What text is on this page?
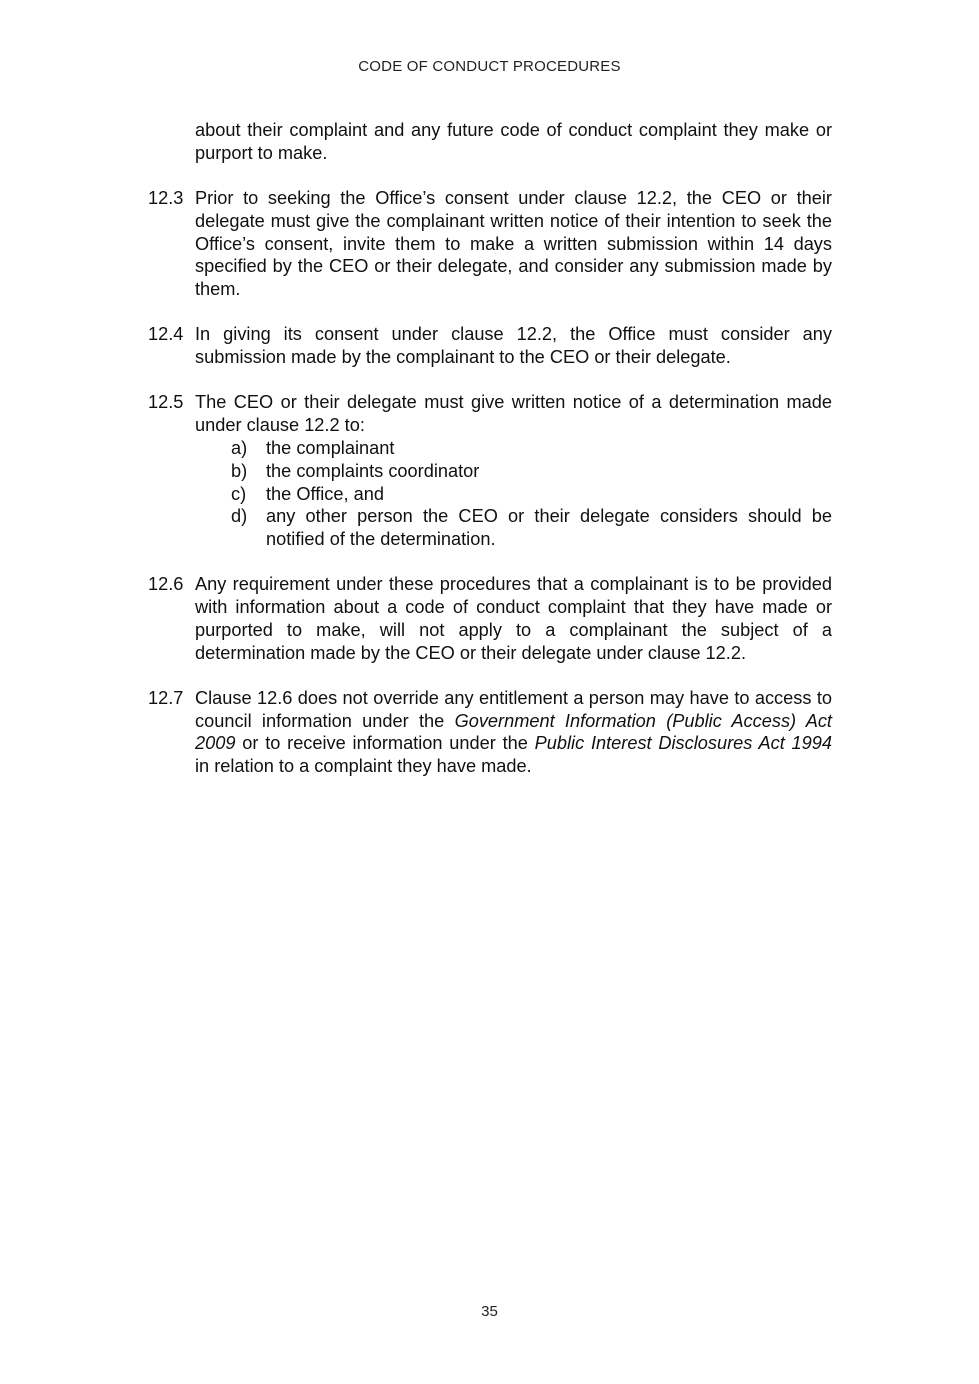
CODE OF CONDUCT PROCEDURES
about their complaint and any future code of conduct complaint they make or purport to make.
12.3 Prior to seeking the Office’s consent under clause 12.2, the CEO or their delegate must give the complainant written notice of their intention to seek the Office’s consent, invite them to make a written submission within 14 days specified by the CEO or their delegate, and consider any submission made by them.
12.4 In giving its consent under clause 12.2, the Office must consider any submission made by the complainant to the CEO or their delegate.
12.5 The CEO or their delegate must give written notice of a determination made under clause 12.2 to:
a)	the complainant
b)	the complaints coordinator
c)	the Office, and
d)	any other person the CEO or their delegate considers should be notified of the determination.
12.6 Any requirement under these procedures that a complainant is to be provided with information about a code of conduct complaint that they have made or purported to make, will not apply to a complainant the subject of a determination made by the CEO or their delegate under clause 12.2.
12.7 Clause 12.6 does not override any entitlement a person may have to access to council information under the Government Information (Public Access) Act 2009 or to receive information under the Public Interest Disclosures Act 1994 in relation to a complaint they have made.
35
